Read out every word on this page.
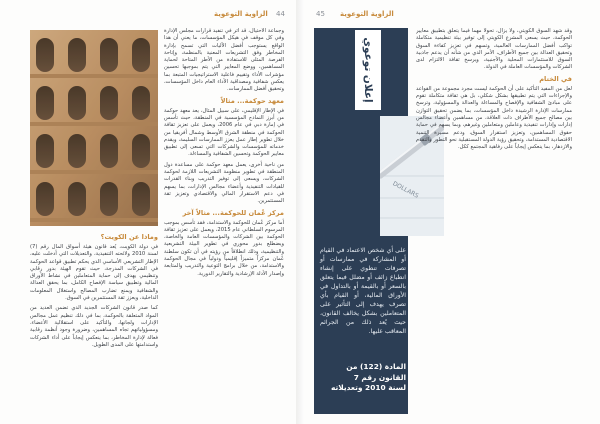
44
الزاوية التوعوية

وجماعة الاحتيال، قد أثر في تنفيذ قرارات مجلس الإدارة وفي كل موقف في هيكل المؤسسات، ما يعني أن هذا الواقع يستوجب أفضل الآليات التي تسمح بإدارة المخاطر وفق التشريعات المعنية بالمنظمة، وإتاحة الفرصة المثلى للاستفادة من الأطر المتاحة لحماية المساهمين، ووضع المعايير التي يتم بموجبها تحسين مؤشرات الأداء وتقييم فاعلية الاستراتيجيات المتبعة بما يعكس شفافية ومصداقية الأداء العام داخل المؤسسات، وتحقيق أفضل الممارسات.

معهد حوكمة... مثالاً

في الإطار الإقليمي، على سبيل المثال، يعد معهد حوكمة من أبرز النماذج المؤسسية في المنطقة، حيث تأسس في إمارة دبي في عام 2006، ويعمل على تعزيز ثقافة الحوكمة في منطقة الشرق الأوسط وشمال أفريقيا من خلال تطوير إطار عمل يعزز الممارسات السليمة، ويقدم خدماته للمؤسسات والشركات التي تسعى إلى تطبيق معايير الحوكمة وتحسين الشفافية والمساءلة.

من ناحية أخرى، يعمل معهد حوكمة على مساعدة دول المنطقة في تطوير منظومة التشريعات اللازمة لحوكمة الشركات، ويسعى إلى توفير التدريب وبناء القدرات للقيادات التنفيذية وأعضاء مجالس الإدارات، بما يسهم في دعم الاستقرار المالي والاقتصادي وتعزيز ثقة المستثمرين.

مركز عُمان للحوكمة... مثالاً آخر

أما مركز عُمان للحوكمة والاستدامة، فقد تأسس بموجب المرسوم السلطاني عام 2015، ويعمل على تعزيز ثقافة الحوكمة بين الشركات والمؤسسات العامة والخاصة، ويضطلع بدور محوري في تطوير البيئة التشريعية والتنظيمية، وذلك انطلاقاً من رؤيته في أن تكون سلطنة عُمان مركزاً متميزاً إقليمياً ودولياً في مجال الحوكمة والاستدامة، من خلال برامج التوعية والتدريب والمتابعة وإصدار الأدلة الإرشادية والتقارير الدورية.

وماذا عن الكويت؟

في دولة الكويت، يُعد قانون هيئة أسواق المال رقم (7) لسنة 2010 ولائحته التنفيذية، والتعديلات التي أدخلت عليه، الإطار التشريعي الأساسي الذي يحكم تطبيق قواعد الحوكمة في الشركات المدرجة، حيث تقوم الهيئة بدور رقابي وتنظيمي يهدف إلى حماية المتعاملين في نشاط الأوراق المالية وتطبيق سياسة الإفصاح الكامل، بما يحقق العدالة والشفافية ويمنع تضارب المصالح واستغلال المعلومات الداخلية، ويعزز ثقة المستثمرين في السوق.

كما صدر قانون الشركات الجديد الذي تضمن العديد من المواد المتعلقة بالحوكمة، بما في ذلك تنظيم عمل مجالس الإدارات ولجانها، والتأكيد على استقلالية الأعضاء، ومسؤولياتهم تجاه المساهمين، وضرورة وجود أنظمة رقابية فعالة لإدارة المخاطر، بما ينعكس إيجاباً على أداء الشركات واستدامتها على المدى الطويل.

45 الزاوية التوعوية
إعلان توعوي
DOLLARS
على أي شخص الاعتماد في القيام أو المشاركة في ممارسات أو تصرفات تنطوي على إنشاء انطباع زائف أو مضلل فيما يتعلق بالسعر أو بالقيمة أو بالتداول في الأوراق المالية، أو القيام بأي تصرف يهدف إلى التأثير على المتعاملين بشكل يخالف القانون، حيث يُعد ذلك من الجرائم المعاقب عليها.
المادة (122) من القانون رقم 7
لسنة 2010 وتعديلاته

وقد شهد السوق الكويتي، ولا يزال، تحولاً مهماً فيما يتعلق بتطبيق معايير الحوكمة، حيث يسعى المشرع الكويتي إلى توفير بيئة تنظيمية متكاملة تواكب أفضل الممارسات العالمية، وتسهم في تعزيز كفاءة السوق وتحقيق العدالة بين جميع الأطراف، الأمر الذي من شأنه أن يدعم جاذبية السوق للاستثمارات المحلية والأجنبية، ويرسخ ثقافة الالتزام لدى الشركات والمؤسسات العاملة في الدولة.

في الختام

لعل من المفيد التأكيد على أن الحوكمة ليست مجرد مجموعة من القواعد والإجراءات التي يتم تطبيقها بشكل شكلي، بل هي ثقافة متكاملة تقوم على مبادئ الشفافية والإفصاح والمساءلة والعدالة والمسؤولية، وترسخ ممارسات الإدارة الرشيدة داخل المؤسسات، بما يضمن تحقيق التوازن بين مصالح جميع الأطراف ذات العلاقة، من مساهمين وأعضاء مجالس إدارات وإدارات تنفيذية وعاملين ومتعاملين وغيرهم، وبما يسهم في حماية حقوق المساهمين، وتعزيز استقرار السوق، ودعم مسيرة التنمية الاقتصادية المستدامة، وتحقيق رؤية الدولة المستقبلية نحو التطور والتقدم والازدهار، بما ينعكس إيجاباً على رفاهية المجتمع ككل.
